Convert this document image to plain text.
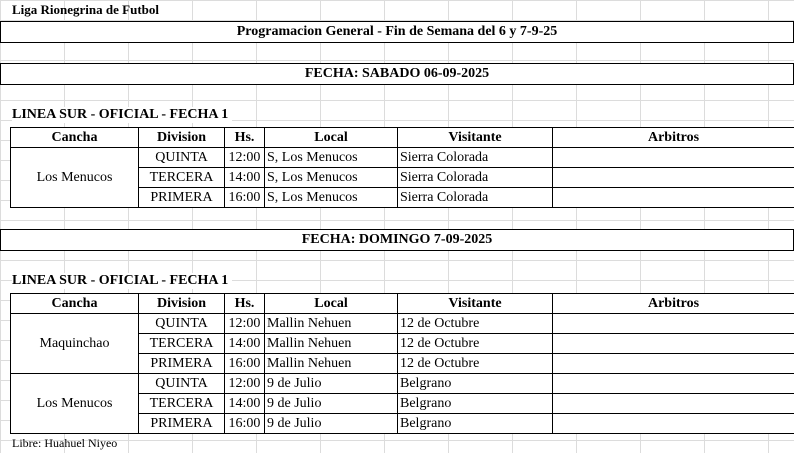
Liga Rionegrina de Futbol
Programacion General - Fin de Semana del 6 y 7-9-25
FECHA: SABADO 06-09-2025
LINEA SUR - OFICIAL - FECHA 1
Cancha	Division	Hs.	Local	Visitante	Arbitros
Los Menucos	QUINTA	12:00	S, Los Menucos	Sierra Colorada	
	TERCERA	14:00	S, Los Menucos	Sierra Colorada	
	PRIMERA	16:00	S, Los Menucos	Sierra Colorada	
FECHA: DOMINGO 7-09-2025
LINEA SUR - OFICIAL - FECHA 1
Cancha	Division	Hs.	Local	Visitante	Arbitros
Maquinchao	QUINTA	12:00	Mallin Nehuen	12 de Octubre	
	TERCERA	14:00	Mallin Nehuen	12 de Octubre	
	PRIMERA	16:00	Mallin Nehuen	12 de Octubre	
Los Menucos	QUINTA	12:00	9 de Julio	Belgrano	
	TERCERA	14:00	9 de Julio	Belgrano	
	PRIMERA	16:00	9 de Julio	Belgrano	
Libre: Huahuel Niyeo
